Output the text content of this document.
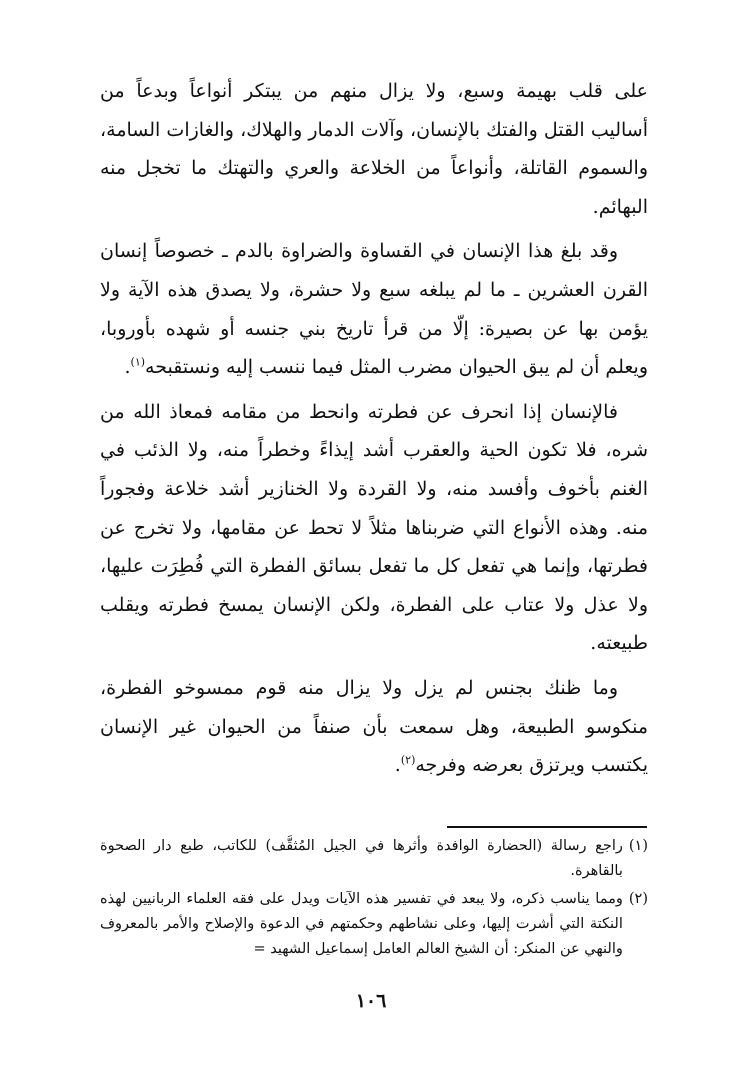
على قلب بهيمة وسبع، ولا يزال منهم من يبتكر أنواعاً وبدعاً من أساليب القتل والفتك بالإنسان، وآلات الدمار والهلاك، والغازات السامة، والسموم القاتلة، وأنواعاً من الخلاعة والعري والتهتك ما تخجل منه البهائم.

وقد بلغ هذا الإنسان في القساوة والضراوة بالدم ـ خصوصاً إنسان القرن العشرين ـ ما لم يبلغه سبع ولا حشرة، ولا يصدق هذه الآية ولا يؤمن بها عن بصيرة: إلّا من قرأ تاريخ بني جنسه أو شهده بأوروبا، ويعلم أن لم يبق الحيوان مضرب المثل فيما ننسب إليه ونستقبحه$^{(١)}$.

فالإنسان إذا انحرف عن فطرته وانحط من مقامه فمعاذ الله من شره، فلا تكون الحية والعقرب أشد إيذاءً وخطراً منه، ولا الذئب في الغنم بأخوف وأفسد منه، ولا القردة ولا الخنازير أشد خلاعة وفجوراً منه. وهذه الأنواع التي ضربناها مثلاً لا تحط عن مقامها، ولا تخرج عن فطرتها، وإنما هي تفعل كل ما تفعل بسائق الفطرة التي فُطِرَت عليها، ولا عذل ولا عتاب على الفطرة، ولكن الإنسان يمسخ فطرته ويقلب طبيعته.

وما ظنك بجنس لم يزل ولا يزال منه قوم ممسوخو الفطرة، منكوسو الطبيعة، وهل سمعت بأن صنفاً من الحيوان غير الإنسان يكتسب ويرتزق بعرضه وفرجه$^{(٢)}$.

(١)
راجع رسالة (الحضارة الوافدة وأثرها في الجيل المُثقَّف) للكاتب، طبع دار الصحوة بالقاهرة.
(٢)
ومما يناسب ذكره، ولا يبعد في تفسير هذه الآيات ويدل على فقه العلماء الربانيين لهذه النكتة التي أشرت إليها، وعلى نشاطهم وحكمتهم في الدعوة والإصلاح والأمر بالمعروف والنهي عن المنكر: أن الشيخ العالم العامل إسماعيل الشهيد =
١٠٦
